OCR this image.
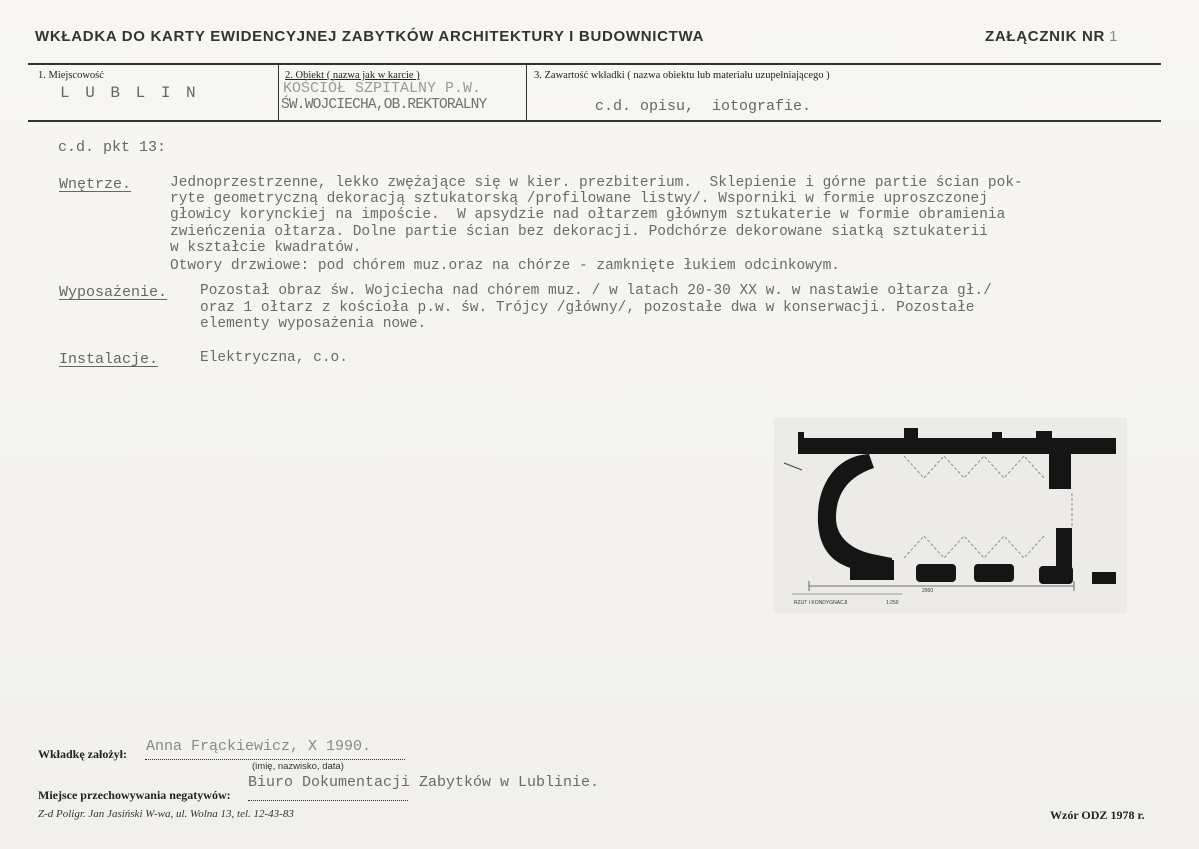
WKŁADKA DO KARTY EWIDENCYJNEJ ZABYTKÓW ARCHITEKTURY I BUDOWNICTWA	ZAŁĄCZNIK NR 1
1. Miejscowość
L U B L I N
2. Obiekt ( nazwa jak w karcie )
KOŚCIÓŁ SZPITALNY P.W.
ŚW.WOJCIECHA,OB.REKTORALNY
3. Zawartość wkładki ( nazwa obiektu lub materiału uzupełniającego )
c.d. opisu,  iotografie.
c.d. pkt 13:
Wnętrze.	Jednoprzestrzenne, lekko zwężające się w kier. prezbiterium.  Sklepienie i górne partie ścian pok-
ryte geometryczną dekoracją sztukatorską /profilowane listwy/. Wsporniki w formie uproszczonej
głowicy korynckiej na impoście.  W apsydzie nad ołtarzem głównym sztukaterie w formie obramienia
zwieńczenia ołtarza. Dolne partie ścian bez dekoracji. Podchórze dekorowane siatką sztukaterii
w kształcie kwadratów.
Otwory drzwiowe: pod chórem muz.oraz na chórze - zamknięte łukiem odcinkowym.
Wyposażenie. Pozostał obraz św. Wojciecha nad chórem muz. / w latach 20-30 XX w. w nastawie ołtarza gł./
oraz 1 ołtarz z kościoła p.w. św. Trójcy /główny/, pozostałe dwa w konserwacji. Pozostałe
elementy wyposażenia nowe.
Instalacje.	Elektryczna, c.o.
2950
RZUT I KONDYGNACJI	1:250
Wkładkę założył: Anna Frąckiewicz, X 1990.
(imię, nazwisko, data)
Miejsce przechowywania negatywów:
Biuro Dokumentacji Zabytków w Lublinie.
Z-d Poligr. Jan Jasiński W-wa, ul. Wolna 13, tel. 12-43-83	Wzór ODZ 1978 r.
